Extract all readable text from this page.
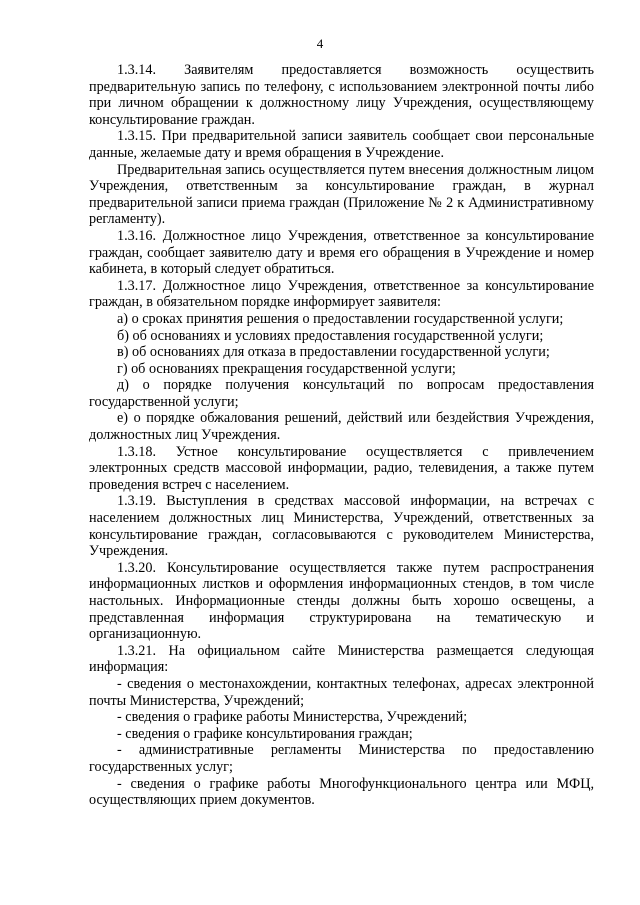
4

1.3.14. Заявителям предоставляется возможность осуществить предварительную запись по телефону, с использованием электронной почты либо при личном обращении к должностному лицу Учреждения, осуществляющему консультирование граждан.

1.3.15. При предварительной записи заявитель сообщает свои персональные данные, желаемые дату и время обращения в Учреждение.

Предварительная запись осуществляется путем внесения должностным лицом Учреждения, ответственным за консультирование граждан, в журнал предварительной записи приема граждан (Приложение № 2 к Административному регламенту).

1.3.16. Должностное лицо Учреждения, ответственное за консультирование граждан, сообщает заявителю дату и время его обращения в Учреждение и номер кабинета, в который следует обратиться.

1.3.17. Должностное лицо Учреждения, ответственное за консультирование граждан, в обязательном порядке информирует заявителя:

а) о сроках принятия решения о предоставлении государственной услуги;

б) об основаниях и условиях предоставления государственной услуги;

в) об основаниях для отказа в предоставлении государственной услуги;

г) об основаниях прекращения государственной услуги;

д) о порядке получения консультаций по вопросам предоставления государственной услуги;

е) о порядке обжалования решений, действий или бездействия Учреждения, должностных лиц Учреждения.

1.3.18. Устное консультирование осуществляется с привлечением электронных средств массовой информации, радио, телевидения, а также путем проведения встреч с населением.

1.3.19. Выступления в средствах массовой информации, на встречах с населением должностных лиц Министерства, Учреждений, ответственных за консультирование граждан, согласовываются с руководителем Министерства, Учреждения.

1.3.20. Консультирование осуществляется также путем распространения информационных листков и оформления информационных стендов, в том числе настольных. Информационные стенды должны быть хорошо освещены, а представленная информация структурирована на тематическую и организационную.

1.3.21. На официальном сайте Министерства размещается следующая информация:

- сведения о местонахождении, контактных телефонах, адресах электронной почты Министерства, Учреждений;

- сведения о графике работы Министерства, Учреждений;

- сведения о графике консультирования граждан;

- административные регламенты Министерства по предоставлению государственных услуг;

- сведения о графике работы Многофункционального центра или МФЦ, осуществляющих прием документов.
